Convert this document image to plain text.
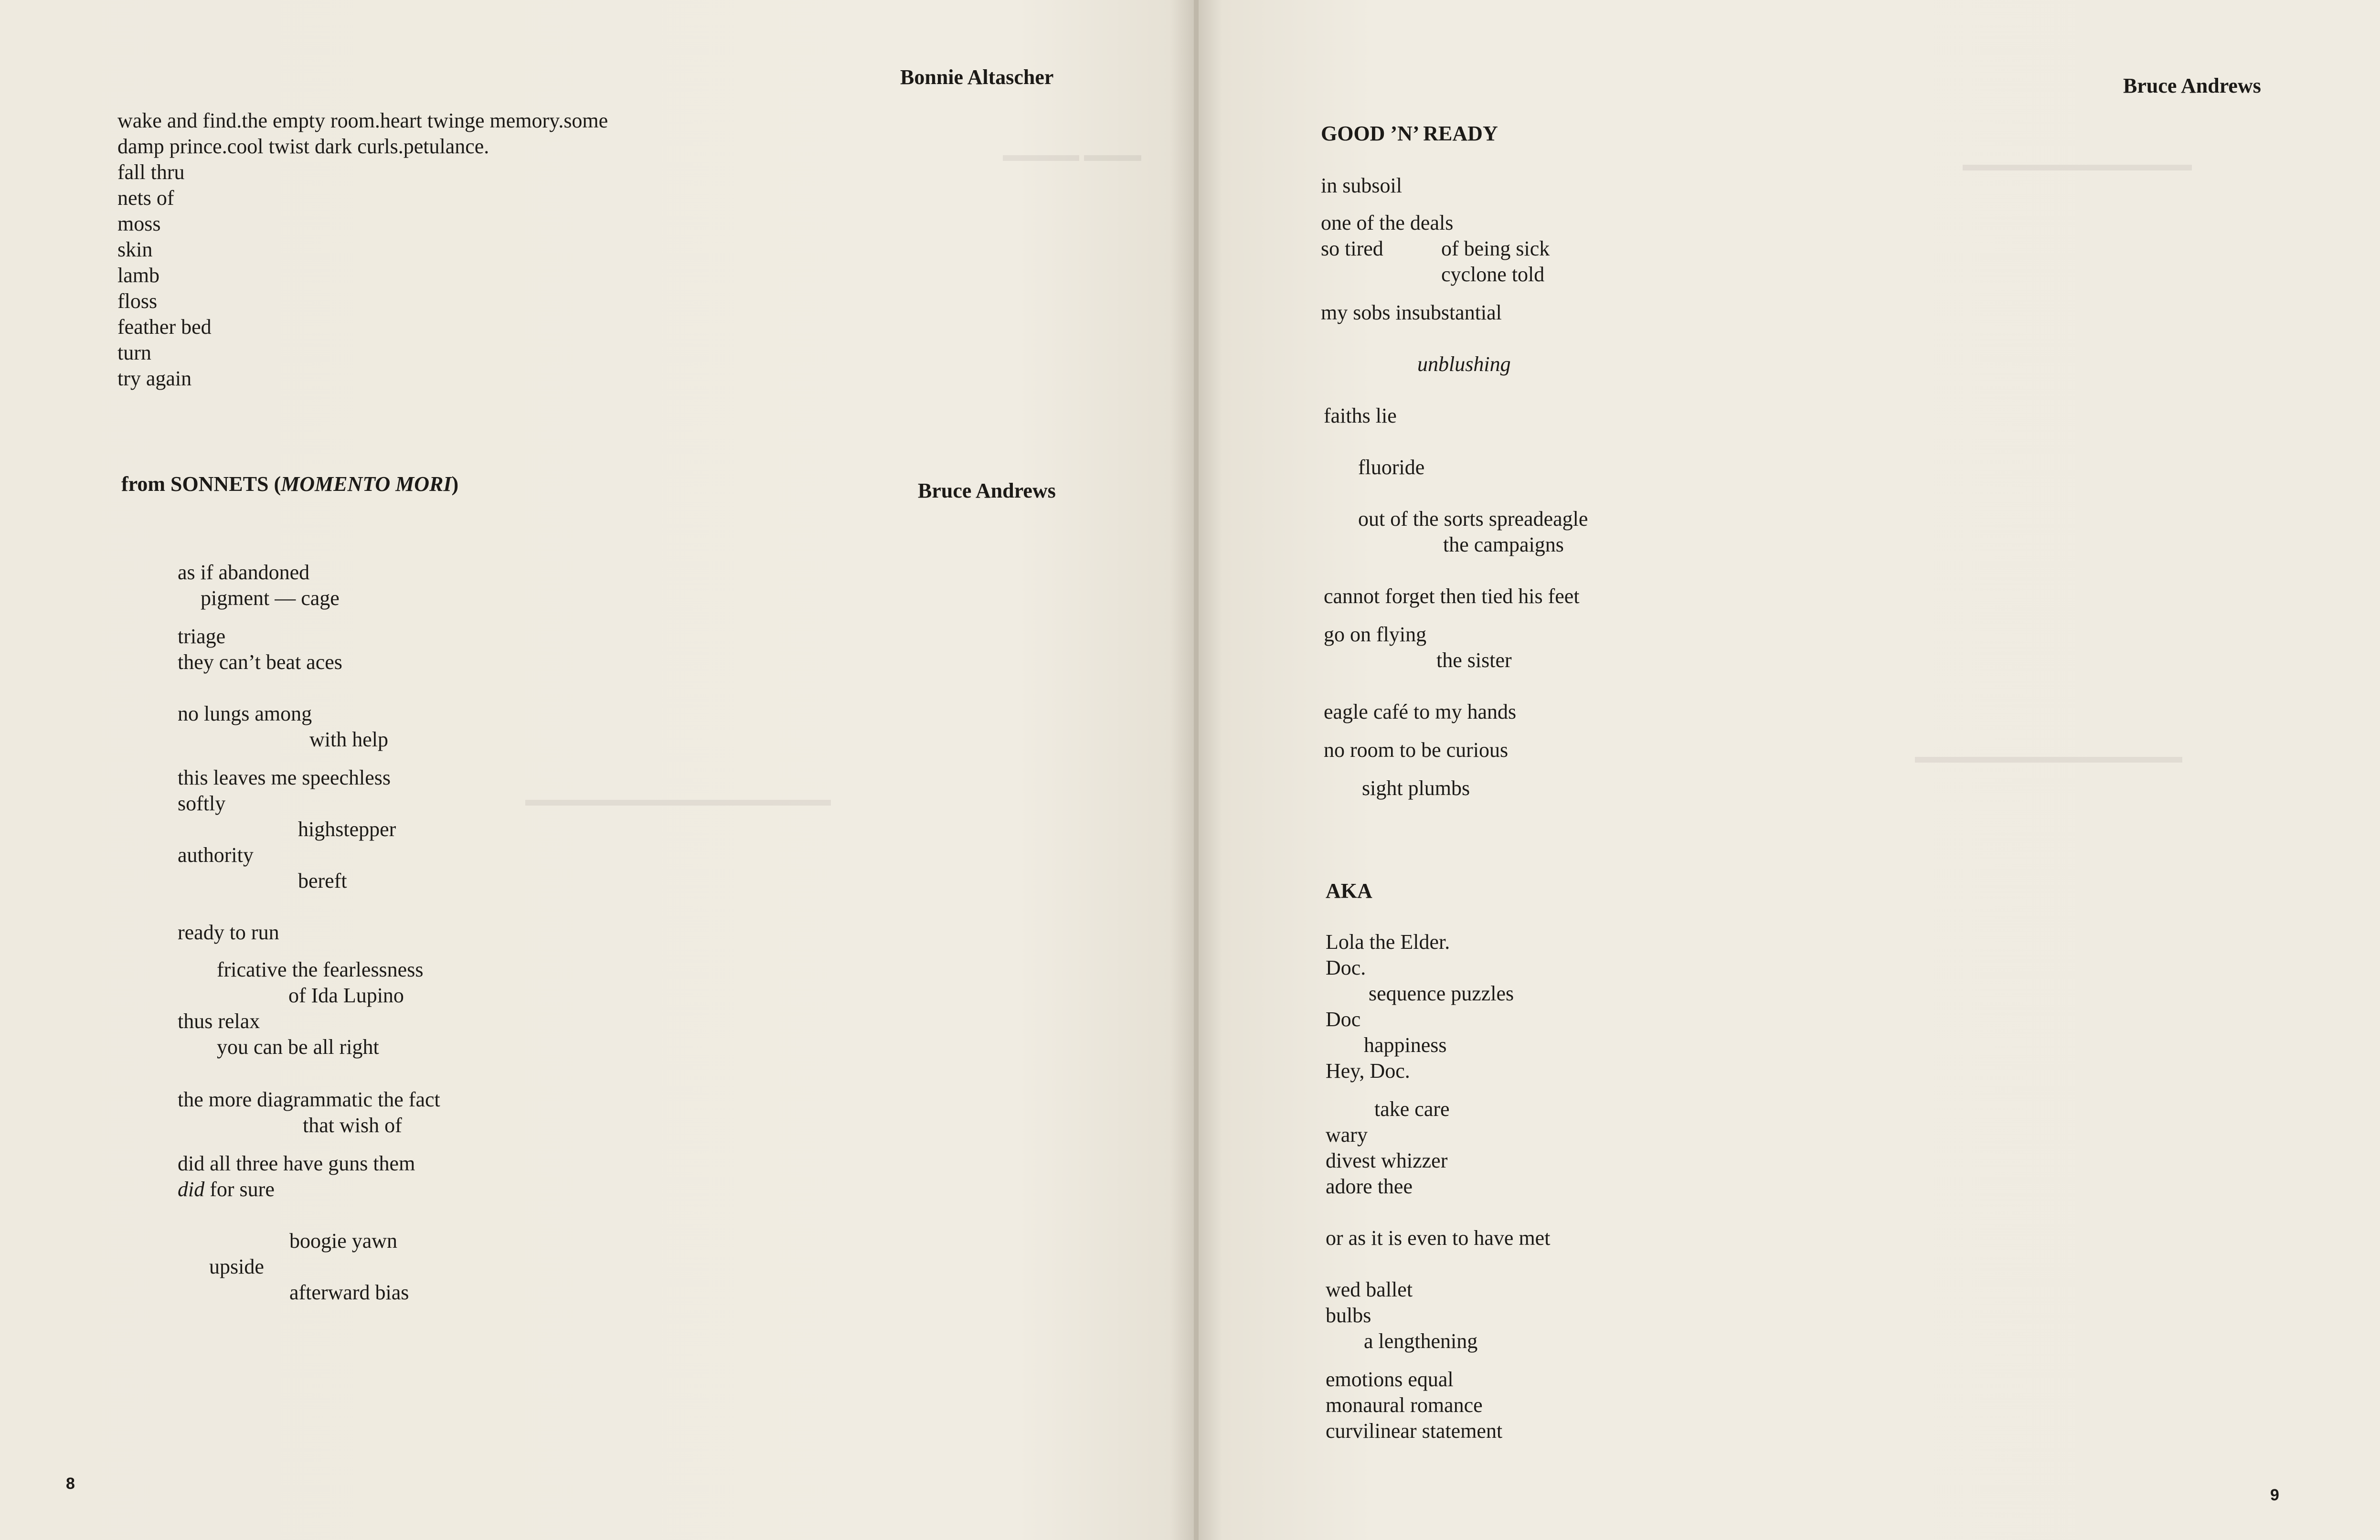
Bonnie Altascher
wake and find.the empty room.heart twinge memory.some
damp prince.cool twist dark curls.petulance.
fall thru
nets of
moss
skin
lamb
floss
feather bed
turn
try again
from SONNETS (MOMENTO MORI)	Bruce Andrews
as if abandoned
pigment — cage
triage
they can’t beat aces
no lungs among
with help
this leaves me speechless
softly
highstepper
authority
bereft
ready to run
fricative the fearlessness
of Ida Lupino
thus relax
you can be all right
the more diagrammatic the fact
that wish of
did all three have guns them
did for sure
boogie yawn
upside
afterward bias
8
▬▬▬ ▬▬▬▬
▬▬▬▬▬▬▬▬▬▬▬▬▬▬▬▬
Bruce Andrews
GOOD ’N’ READY
in subsoil
one of the deals
so tired	of being sick
cyclone told
my sobs insubstantial
unblushing
faiths lie
fluoride
out of the sorts spreadeagle
the campaigns
cannot forget then tied his feet
go on flying
the sister
eagle café to my hands
no room to be curious
sight plumbs
AKA
Lola the Elder.
Doc.
sequence puzzles
Doc
happiness
Hey, Doc.
take care
wary
divest whizzer
adore thee
or as it is even to have met
wed ballet
bulbs
a lengthening
emotions equal
monaural romance
curvilinear statement
9
▬▬▬▬▬▬▬▬▬▬▬▬
▬▬▬▬▬▬▬▬▬▬▬▬▬▬
